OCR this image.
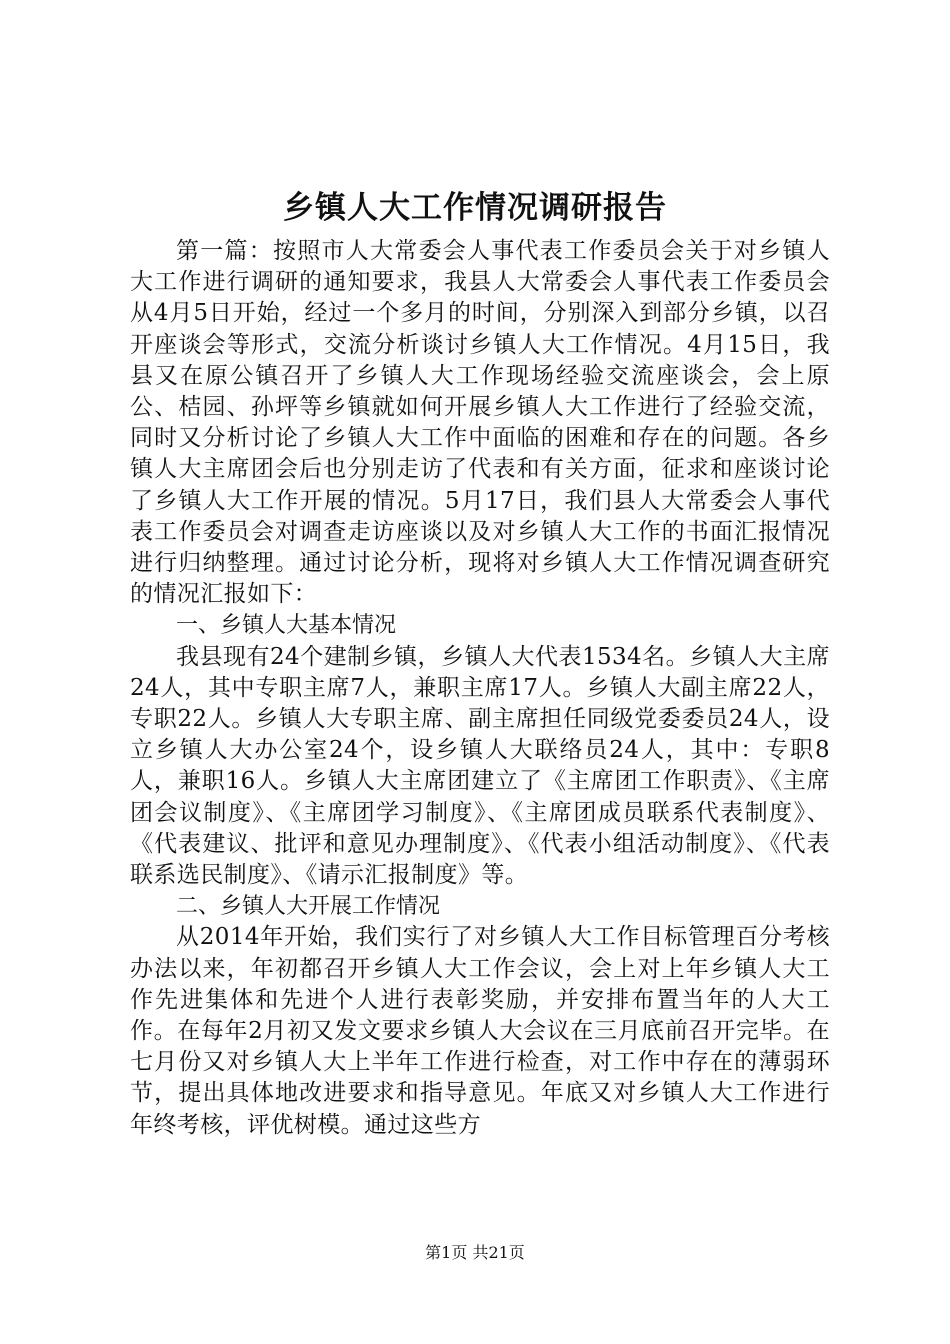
乡镇人大工作情况调研报告

第一篇：按照市人大常委会人事代表工作委员会关于对乡镇人大工作进行调研的通知要求，我县人大常委会人事代表工作委员会从4月5日开始，经过一个多月的时间，分别深入到部分乡镇，以召开座谈会等形式，交流分析谈讨乡镇人大工作情况。4月15日，我县又在原公镇召开了乡镇人大工作现场经验交流座谈会，会上原公、桔园、孙坪等乡镇就如何开展乡镇人大工作进行了经验交流，同时又分析讨论了乡镇人大工作中面临的困难和存在的问题。各乡镇人大主席团会后也分别走访了代表和有关方面，征求和座谈讨论了乡镇人大工作开展的情况。5月17日，我们县人大常委会人事代表工作委员会对调查走访座谈以及对乡镇人大工作的书面汇报情况进行归纳整理。通过讨论分析，现将对乡镇人大工作情况调查研究的情况汇报如下：

一、乡镇人大基本情况

我县现有24个建制乡镇，乡镇人大代表1534名。乡镇人大主席24人，其中专职主席7人，兼职主席17人。乡镇人大副主席22人，专职22人。乡镇人大专职主席、副主席担任同级党委委员24人，设立乡镇人大办公室24个，设乡镇人大联络员24人，其中：专职8人，兼职16人。乡镇人大主席团建立了《主席团工作职责》、《主席团会议制度》、《主席团学习制度》、《主席团成员联系代表制度》、《代表建议、批评和意见办理制度》、《代表小组活动制度》、《代表联系选民制度》、《请示汇报制度》等。

二、乡镇人大开展工作情况

从2014年开始，我们实行了对乡镇人大工作目标管理百分考核办法以来，年初都召开乡镇人大工作会议，会上对上年乡镇人大工作先进集体和先进个人进行表彰奖励，并安排布置当年的人大工作。在每年2月初又发文要求乡镇人大会议在三月底前召开完毕。在七月份又对乡镇人大上半年工作进行检查，对工作中存在的薄弱环节，提出具体地改进要求和指导意见。年底又对乡镇人大工作进行年终考核，评优树模。通过这些方

第1页 共21页
